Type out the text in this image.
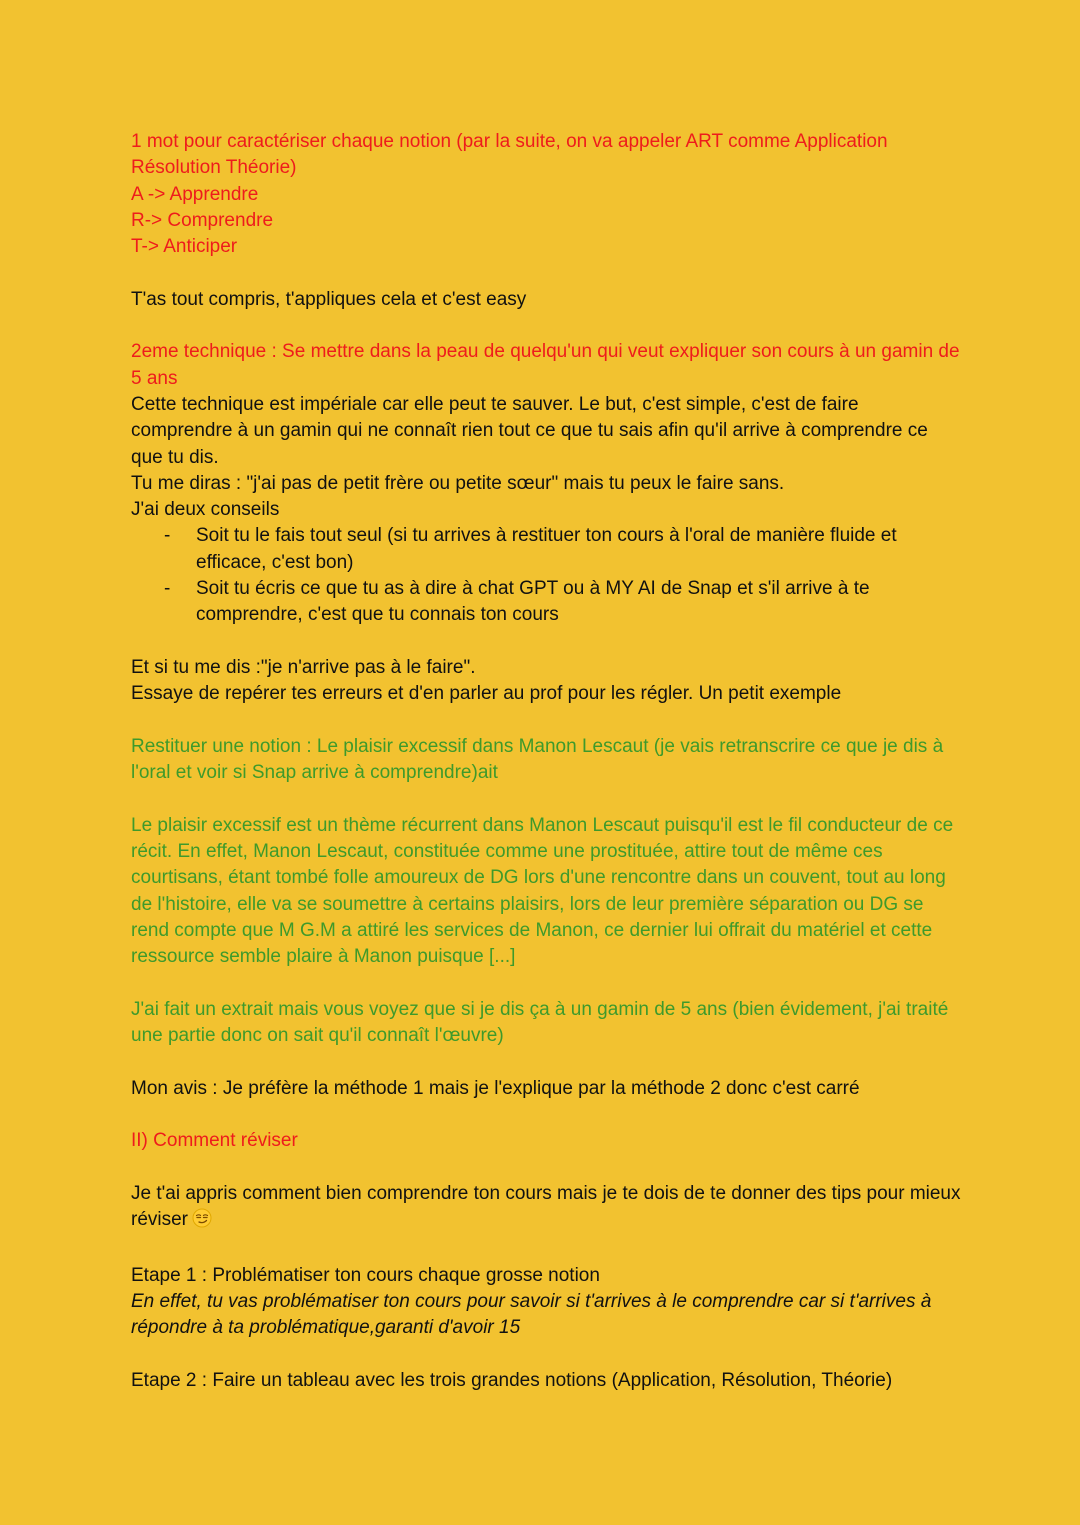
1 mot pour caractériser chaque notion (par la suite, on va appeler ART comme Application Résolution Théorie)

A -> Apprendre

R-> Comprendre

T-> Anticiper

T'as tout compris, t'appliques cela et c'est easy

2eme technique : Se mettre dans la peau de quelqu'un qui veut expliquer son cours à un gamin de 5 ans

Cette technique est impériale car elle peut te sauver. Le but, c'est simple, c'est de faire comprendre à un gamin qui ne connaît rien tout ce que tu sais afin qu'il arrive à comprendre ce que tu dis.

Tu me diras : "j'ai pas de petit frère ou petite sœur" mais tu peux le faire sans.

J'ai deux conseils

- Soit tu le fais tout seul (si tu arrives à restituer ton cours à l'oral de manière fluide et efficace, c'est bon)
- Soit tu écris ce que tu as à dire à chat GPT ou à MY AI de Snap et s'il arrive à te comprendre, c'est que tu connais ton cours

Et si tu me dis :"je n'arrive pas à le faire".

Essaye de repérer tes erreurs et d'en parler au prof pour les régler. Un petit exemple

Restituer une notion : Le plaisir excessif dans Manon Lescaut (je vais retranscrire ce que je dis à l'oral et voir si Snap arrive à comprendre)ait

Le plaisir excessif est un thème récurrent dans Manon Lescaut puisqu'il est le fil conducteur de ce récit. En effet, Manon Lescaut, constituée comme une prostituée, attire tout de même ces courtisans, étant tombé folle amoureux de DG lors d'une rencontre dans un couvent, tout au long de l'histoire, elle va se soumettre à certains plaisirs, lors de leur première séparation ou DG se rend compte que M G.M a attiré les services de Manon, ce dernier lui offrait du matériel et cette ressource semble plaire à Manon puisque [...]

J'ai fait un extrait mais vous voyez que si je dis ça à un gamin de 5 ans (bien évidement, j'ai traité une partie donc on sait qu'il connaît l'œuvre)

Mon avis : Je préfère la méthode 1 mais je l'explique par la méthode 2 donc c'est carré

II) Comment réviser

Je t'ai appris comment bien comprendre ton cours mais je te dois de te donner des tips pour mieux réviser

Etape 1 : Problématiser ton cours chaque grosse notion

En effet, tu vas problématiser ton cours pour savoir si t'arrives à le comprendre car si t'arrives à répondre à ta problématique,garanti d'avoir 15

Etape 2 : Faire un tableau avec les trois grandes notions (Application, Résolution, Théorie)
